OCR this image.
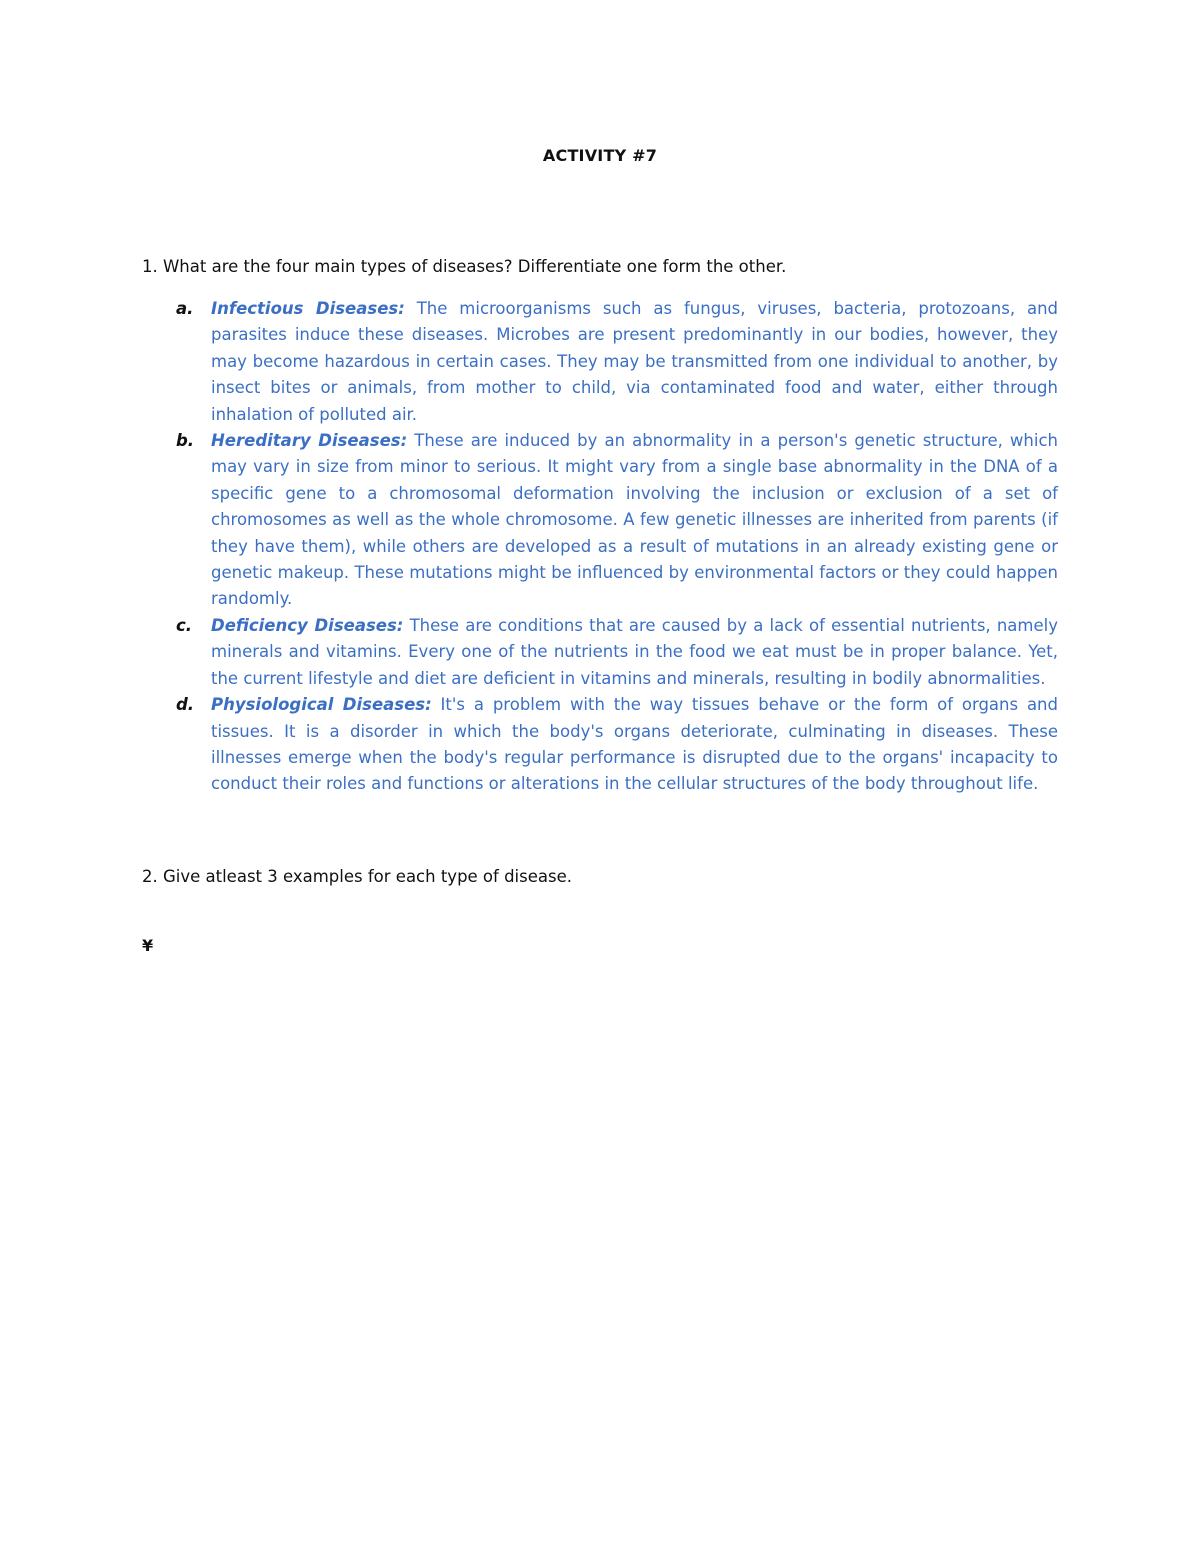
ACTIVITY #7
1. What are the four main types of diseases? Differentiate one form the other.
a. Infectious Diseases: The microorganisms such as fungus, viruses, bacteria, protozoans, and parasites induce these diseases. Microbes are present predominantly in our bodies, however, they may become hazardous in certain cases. They may be transmitted from one individual to another, by insect bites or animals, from mother to child, via contaminated food and water, either through inhalation of polluted air.
b. Hereditary Diseases: These are induced by an abnormality in a person's genetic structure, which may vary in size from minor to serious. It might vary from a single base abnormality in the DNA of a specific gene to a chromosomal deformation involving the inclusion or exclusion of a set of chromosomes as well as the whole chromosome. A few genetic illnesses are inherited from parents (if they have them), while others are developed as a result of mutations in an already existing gene or genetic makeup. These mutations might be influenced by environmental factors or they could happen randomly.
c. Deficiency Diseases: These are conditions that are caused by a lack of essential nutrients, namely minerals and vitamins. Every one of the nutrients in the food we eat must be in proper balance. Yet, the current lifestyle and diet are deficient in vitamins and minerals, resulting in bodily abnormalities.
d. Physiological Diseases: It's a problem with the way tissues behave or the form of organs and tissues. It is a disorder in which the body's organs deteriorate, culminating in diseases. These illnesses emerge when the body's regular performance is disrupted due to the organs' incapacity to conduct their roles and functions or alterations in the cellular structures of the body throughout life.
2. Give atleast 3 examples for each type of disease.
¥
